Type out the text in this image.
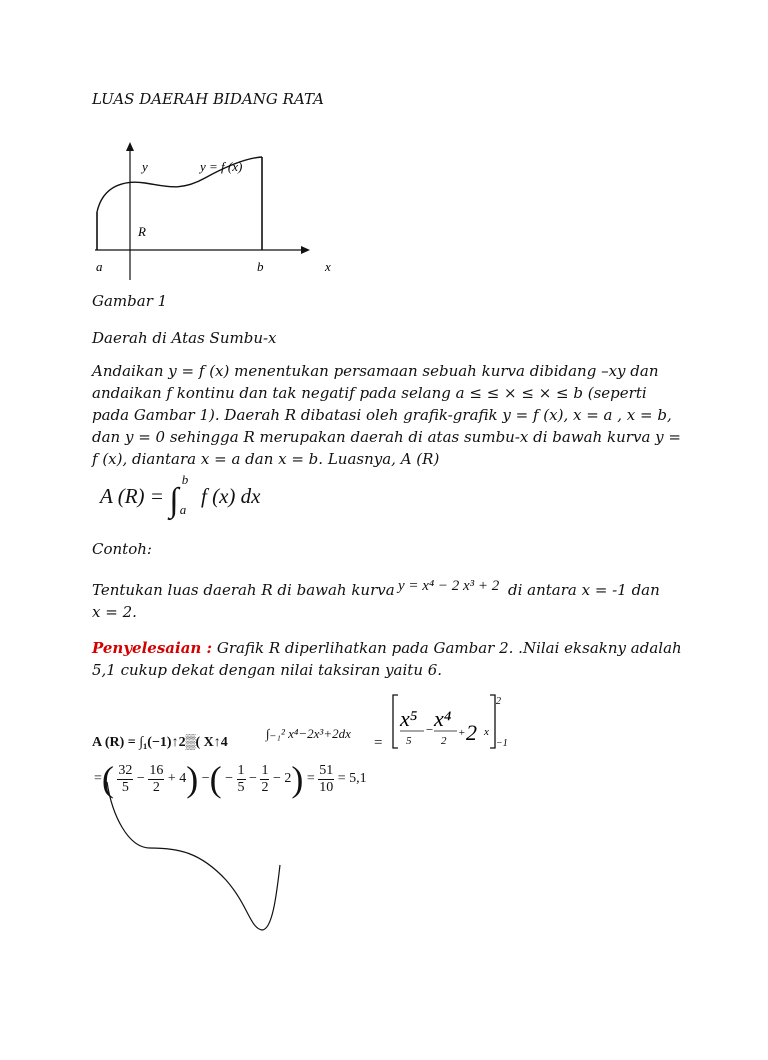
LUAS DAERAH BIDANG RATA
y	y = f (x)
R
a	b	x
Gambar 1
Daerah di Atas Sumbu-x
Andaikan y = f (x) menentukan persamaan sebuah kurva dibidang –xy dan andaikan f kontinu dan tak negatif pada selang a ≤ ≤ × ≤ × ≤ b (seperti pada Gambar 1). Daerah R dibatasi oleh grafik-grafik y = f (x), x = a , x = b, dan y = 0 sehingga R merupakan daerah di atas sumbu-x di bawah kurva y = f (x), diantara x = a dan x = b. Luasnya, A (R)
A (R) = ∫
b
a
f (x) dx
Contoh:
Tentukan luas daerah R di bawah kurva y = x⁴ − 2 x³ + 2 di antara x = -1 dan
x = 2.
Penyelesaian : Grafik R diperlihatkan pada Gambar 2. .Nilai eksakny adalah 5,1 cukup dekat dengan nilai taksiran yaitu 6.
A (R) = ∫₁(−1)↑2▒( X↑4
∫₋₁² x⁴−2x³+2dx
=
x⁵
5
− x⁴
2
+ 2 x
2
−1
=( $\frac{32}{5} - \frac{16}{2} + 4$) −( − $\frac{1}{5} - \frac{1}{2} - 2) = \frac{51}{10} = 5,1$
